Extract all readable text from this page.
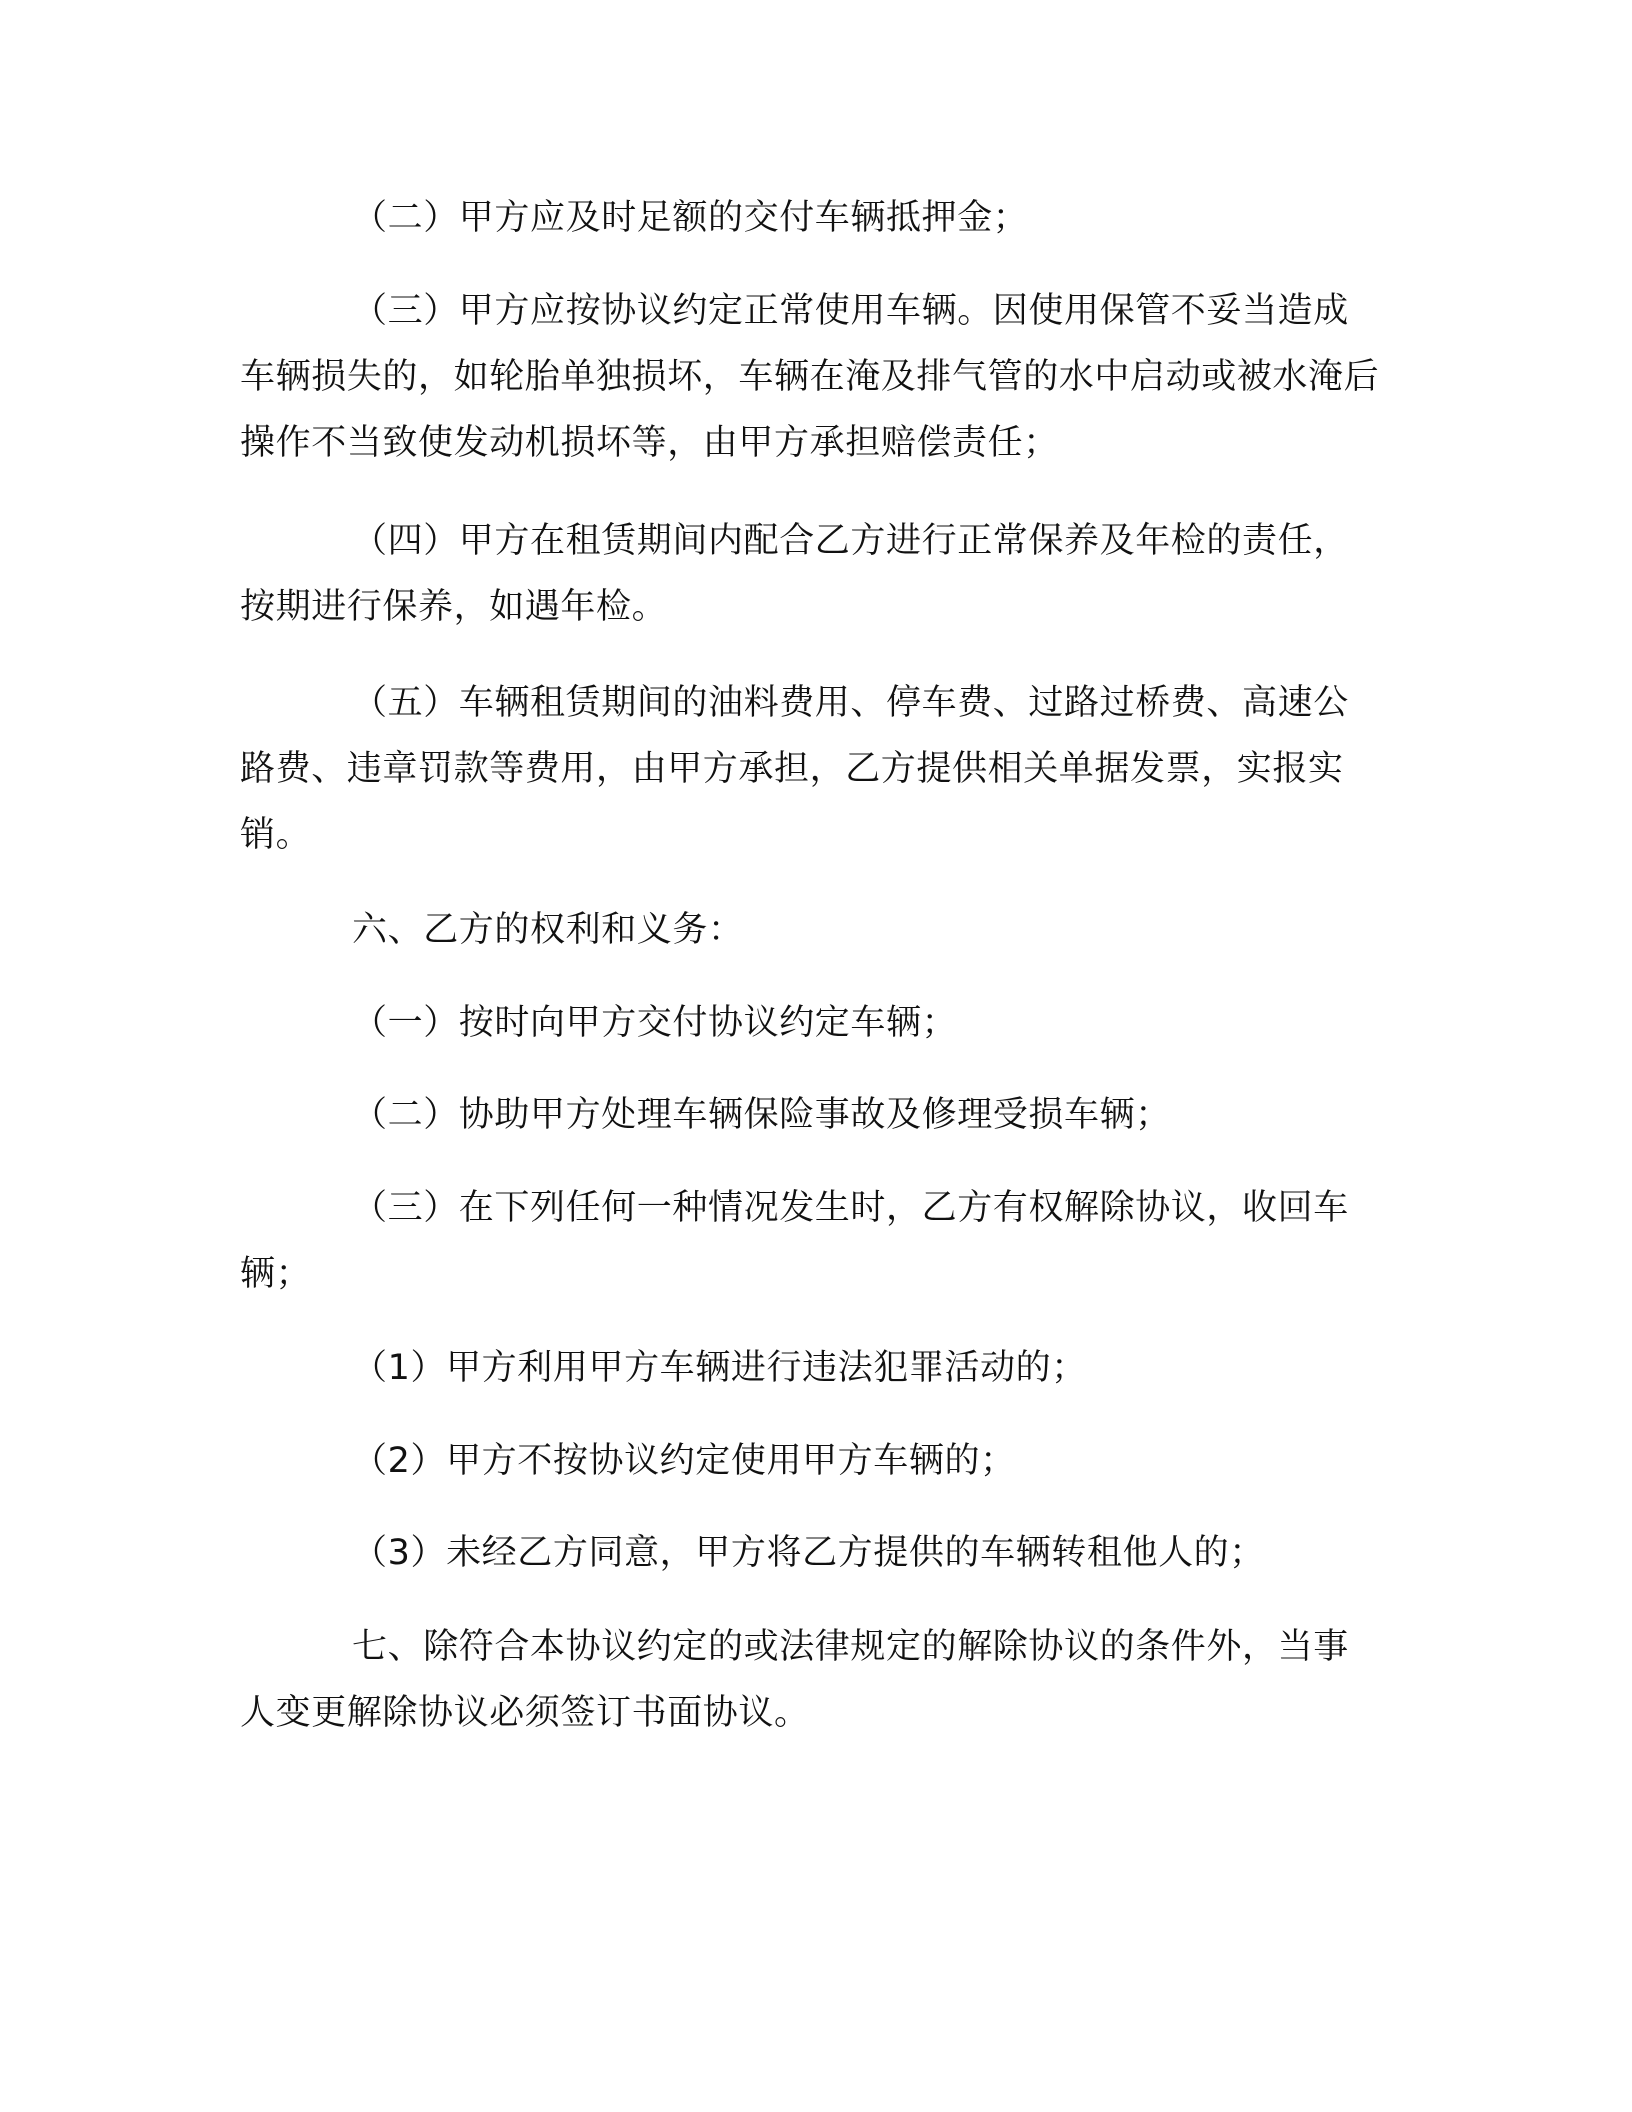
（二）甲方应及时足额的交付车辆抵押金；

（三）甲方应按协议约定正常使用车辆。因使用保管不妥当造成车辆损失的，如轮胎单独损坏，车辆在淹及排气管的水中启动或被水淹后操作不当致使发动机损坏等，由甲方承担赔偿责任；

（四）甲方在租赁期间内配合乙方进行正常保养及年检的责任，按期进行保养，如遇年检。

（五）车辆租赁期间的油料费用、停车费、过路过桥费、高速公路费、违章罚款等费用，由甲方承担，乙方提供相关单据发票，实报实销。

六、乙方的权利和义务：

（一）按时向甲方交付协议约定车辆；

（二）协助甲方处理车辆保险事故及修理受损车辆；

（三）在下列任何一种情况发生时，乙方有权解除协议，收回车辆；

（1）甲方利用甲方车辆进行违法犯罪活动的；

（2）甲方不按协议约定使用甲方车辆的；

（3）未经乙方同意，甲方将乙方提供的车辆转租他人的；

七、除符合本协议约定的或法律规定的解除协议的条件外，当事人变更解除协议必须签订书面协议。
